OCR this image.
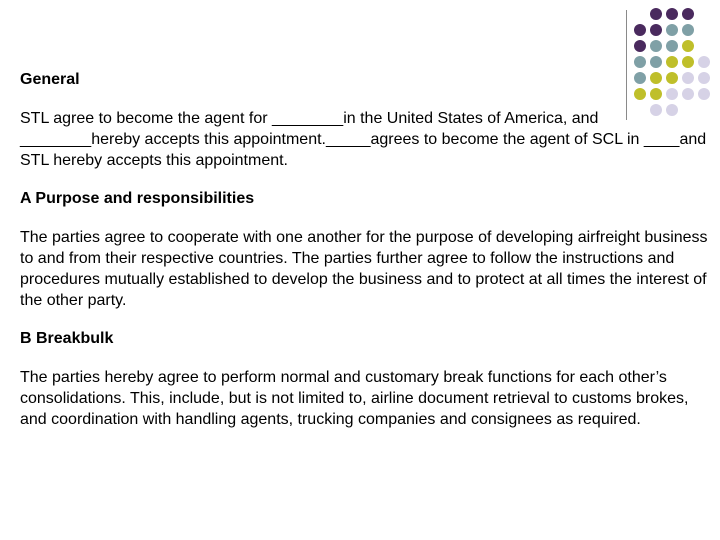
General

STL agree to become the agent for ________in the United States of America, and ________hereby accepts this appointment._____agrees to become the agent of SCL in ____and STL hereby accepts this appointment.

A Purpose and responsibilities

The parties agree to cooperate with one another for the purpose of developing airfreight business to and from their respective countries. The parties further agree to follow the instructions and procedures mutually established to develop the business and to protect at all times the interest of the other party.

B Breakbulk

The parties hereby agree to perform normal and customary break functions for each other’s consolidations. This, include, but is not limited to, airline document retrieval to customs brokes, and coordination with handling agents, trucking companies and consignees as required.
